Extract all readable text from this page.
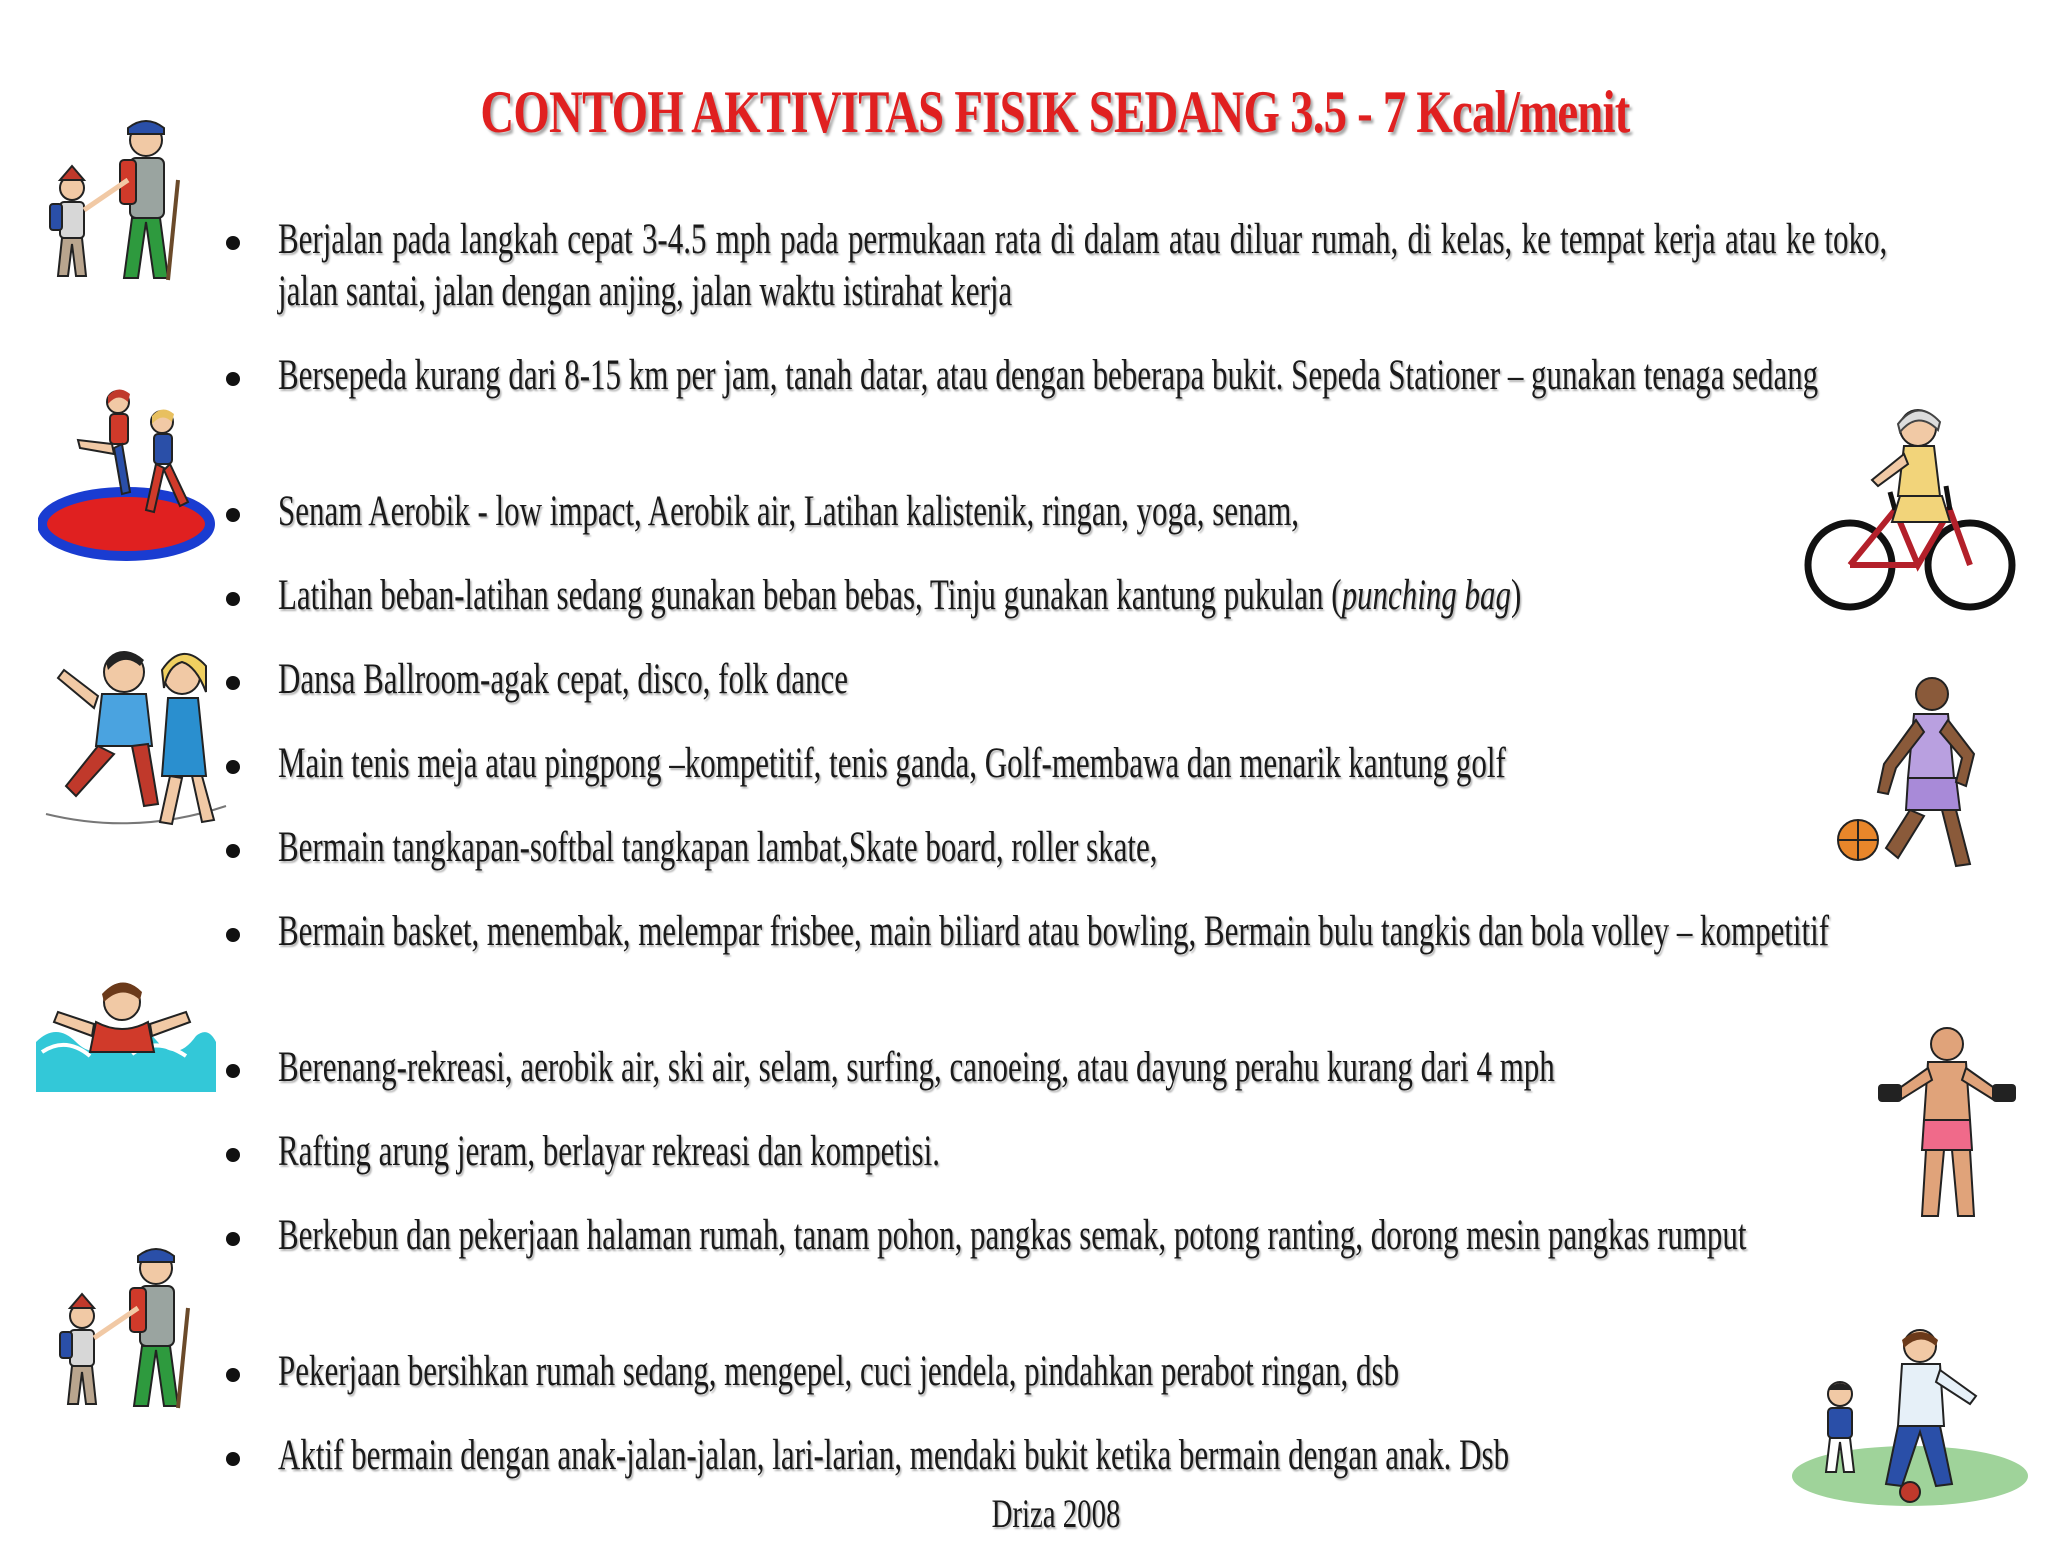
CONTOH AKTIVITAS FISIK SEDANG 3.5 - 7 Kcal/menit
Berjalan pada langkah cepat 3-4.5 mph pada permukaan rata di dalam atau diluar rumah, di kelas, ke tempat kerja atau ke toko, jalan santai, jalan dengan anjing, jalan waktu istirahat kerja
Bersepeda kurang dari 8-15 km per jam, tanah datar, atau dengan beberapa bukit. Sepeda Stationer – gunakan tenaga sedang
Senam Aerobik - low impact, Aerobik air, Latihan kalistenik, ringan, yoga, senam,
Latihan beban-latihan sedang gunakan beban bebas, Tinju gunakan kantung pukulan (punching bag)
Dansa Ballroom-agak cepat, disco, folk dance
Main tenis meja atau pingpong –kompetitif, tenis ganda, Golf-membawa dan menarik kantung golf
Bermain tangkapan-softbal tangkapan lambat,Skate board, roller skate,
Bermain basket, menembak, melempar frisbee, main biliard atau bowling, Bermain bulu tangkis dan bola volley – kompetitif
Berenang-rekreasi, aerobik air, ski air, selam, surfing, canoeing, atau dayung perahu kurang dari 4 mph
Rafting arung jeram, berlayar rekreasi dan kompetisi.
Berkebun dan pekerjaan halaman rumah, tanam pohon, pangkas semak, potong ranting, dorong mesin pangkas rumput
Pekerjaan bersihkan rumah sedang, mengepel, cuci jendela, pindahkan perabot ringan, dsb
Aktif bermain dengan anak-jalan-jalan, lari-larian, mendaki bukit ketika bermain dengan anak. Dsb
Driza 2008
